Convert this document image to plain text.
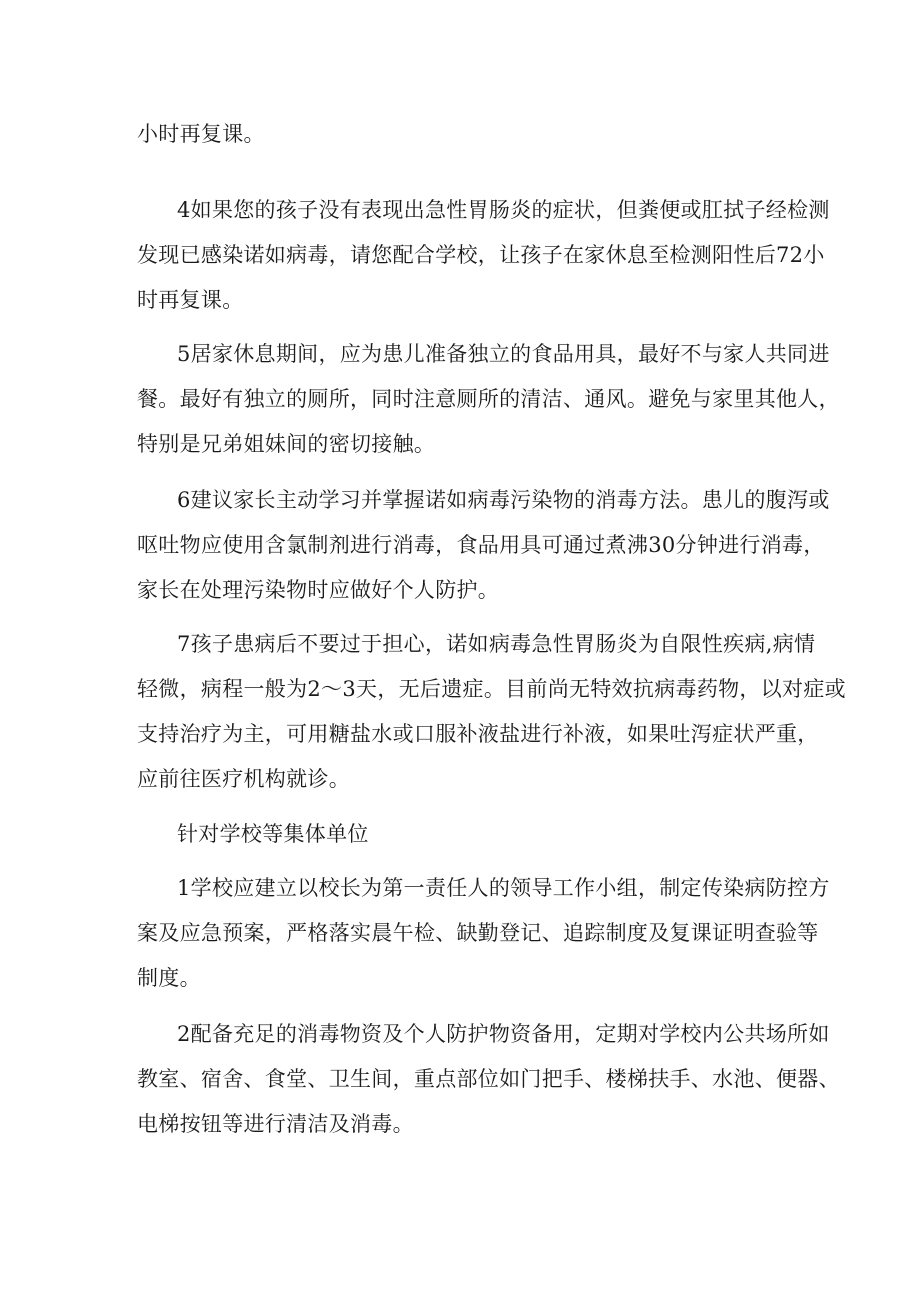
小时再复课。

4如果您的孩子没有表现出急性胃肠炎的症状，但粪便或肛拭子经检测
发现已感染诺如病毒，请您配合学校，让孩子在家休息至检测阳性后72小
时再复课。

5居家休息期间，应为患儿准备独立的食品用具，最好不与家人共同进
餐。最好有独立的厕所，同时注意厕所的清洁、通风。避免与家里其他人，
特别是兄弟姐妹间的密切接触。

6建议家长主动学习并掌握诺如病毒污染物的消毒方法。患儿的腹泻或
呕吐物应使用含氯制剂进行消毒，食品用具可通过煮沸30分钟进行消毒，
家长在处理污染物时应做好个人防护。

7孩子患病后不要过于担心，诺如病毒急性胃肠炎为自限性疾病,病情
轻微，病程一般为2～3天，无后遗症。目前尚无特效抗病毒药物，以对症或
支持治疗为主，可用糖盐水或口服补液盐进行补液，如果吐泻症状严重，
应前往医疗机构就诊。

针对学校等集体单位

1学校应建立以校长为第一责任人的领导工作小组，制定传染病防控方
案及应急预案，严格落实晨午检、缺勤登记、追踪制度及复课证明查验等
制度。

2配备充足的消毒物资及个人防护物资备用，定期对学校内公共场所如
教室、宿舍、食堂、卫生间，重点部位如门把手、楼梯扶手、水池、便器、
电梯按钮等进行清洁及消毒。
